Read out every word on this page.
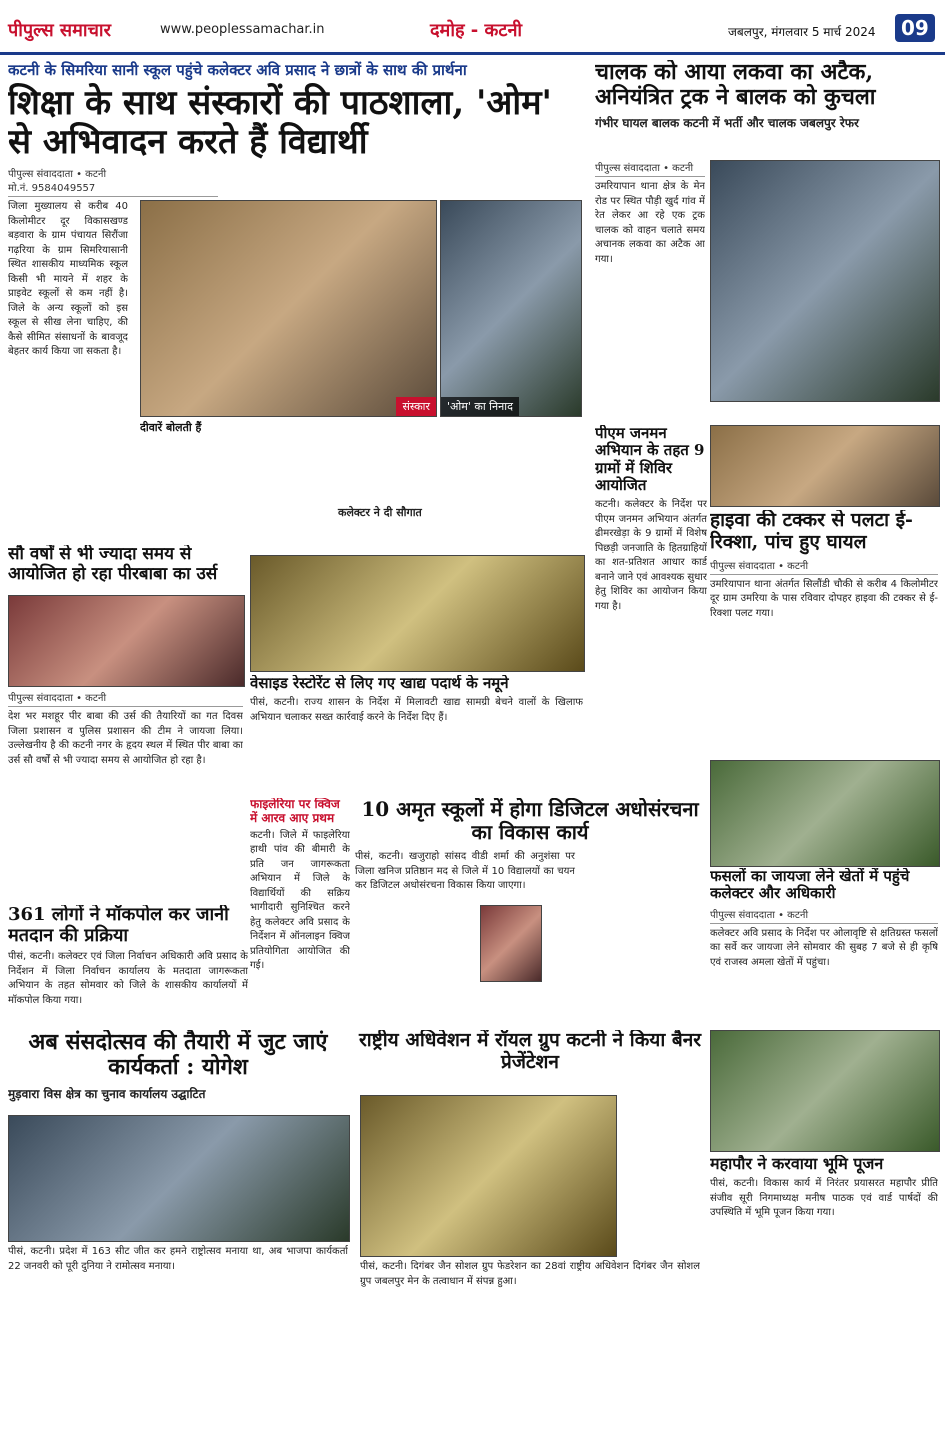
पीपुल्स समाचार	www.peoplessamachar.in	दमोह - कटनी	जबलपुर, मंगलवार 5 मार्च 2024	09
कटनी के सिमरिया सानी स्कूल पहुंचे कलेक्टर अवि प्रसाद ने छात्रों के साथ की प्रार्थना
शिक्षा के साथ संस्कारों की पाठशाला, 'ओम' से अभिवादन करते हैं विद्यार्थी
पीपुल्स संवाददाता • कटनी
मो.नं. 9584049557
जिला मुख्यालय से करीब 40 किलोमीटर दूर विकासखण्ड बड़वारा के ग्राम पंचायत सिरौंजा गढ़रिया के ग्राम सिमरियासानी स्थित शासकीय माध्यमिक स्कूल किसी भी मायने में शहर के प्राइवेट स्कूलों से कम नहीं है। जिले के अन्य स्कूलों को इस स्कूल से सीख लेना चाहिए, की कैसे सीमित संसाधनों के बावजूद बेहतर कार्य किया जा सकता है।
कलेक्टर ने दी सौगात
संस्कार	'ओम' का निनाद
दीवारें बोलती हैं
चालक को आया लकवा का अटैक, अनियंत्रित ट्रक ने बालक को कुचला
गंभीर घायल बालक कटनी में भर्ती और चालक जबलपुर रेफर
पीपुल्स संवाददाता • कटनी
उमरियापान थाना क्षेत्र के मेन रोड पर स्थित पौड़ी खुर्द गांव में रेत लेकर आ रहे एक ट्रक चालक को वाहन चलाते समय अचानक लकवा का अटैक आ गया।
पीएम जनमन अभियान के तहत 9 ग्रामों में शिविर आयोजित
कटनी। कलेक्टर के निर्देश पर पीएम जनमन अभियान अंतर्गत ढीमरखेड़ा के 9 ग्रामों में विशेष पिछड़ी जनजाति के हितग्राहियों का शत-प्रतिशत आधार कार्ड बनाने जाने एवं आवश्यक सुधार हेतु शिविर का आयोजन किया गया है।
हाइवा की टक्कर से पलटा ई-रिक्शा, पांच हुए घायल
पीपुल्स संवाददाता • कटनी
उमरियापान थाना अंतर्गत सिलौंडी चौकी से करीब 4 किलोमीटर दूर ग्राम उमरिया के पास रविवार दोपहर हाइवा की टक्कर से ई-रिक्शा पलट गया।
फसलों का जायजा लेने खेतों में पहुंचे कलेक्टर और अधिकारी
पीपुल्स संवाददाता • कटनी
कलेक्टर अवि प्रसाद के निर्देश पर ओलावृष्टि से क्षतिग्रस्त फसलों का सर्वे कर जायजा लेने सोमवार की सुबह 7 बजे से ही कृषि एवं राजस्व अमला खेतों में पहुंचा।
सौ वर्षों से भी ज्यादा समय से आयोजित हो रहा पीरबाबा का उर्स
पीपुल्स संवाददाता • कटनी
देश भर मशहूर पीर बाबा की उर्स की तैयारियों का गत दिवस जिला प्रशासन व पुलिस प्रशासन की टीम ने जायजा लिया। उल्लेखनीय है की कटनी नगर के हृदय स्थल में स्थित पीर बाबा का उर्स सौ वर्षों से भी ज्यादा समय से आयोजित हो रहा है।
वेसाइड रेस्टोरेंट से लिए गए खाद्य पदार्थ के नमूने
पीसं, कटनी। राज्य शासन के निर्देश में मिलावटी खाद्य सामग्री बेचने वालों के खिलाफ अभियान चलाकर सख्त कार्रवाई करने के निर्देश दिए हैं।
फाइलेरिया पर क्विज में आरव आए प्रथम
कटनी। जिले में फाइलेरिया हाथी पांव की बीमारी के प्रति जन जागरूकता अभियान में जिले के विद्यार्थियों की सक्रिय भागीदारी सुनिश्चित करने हेतु कलेक्टर अवि प्रसाद के निर्देशन में ऑनलाइन क्विज प्रतियोगिता आयोजित की गई।
361 लोगों ने मॉकपोल कर जानी मतदान की प्रक्रिया
पीसं, कटनी। कलेक्टर एवं जिला निर्वाचन अधिकारी अवि प्रसाद के निर्देशन में जिला निर्वाचन कार्यालय के मतदाता जागरूकता अभियान के तहत सोमवार को जिले के शासकीय कार्यालयों में मॉकपोल किया गया।
10 अमृत स्कूलों में होगा डिजिटल अधोसंरचना का विकास कार्य
पीसं, कटनी। खजुराहो सांसद वीडी शर्मा की अनुशंसा पर जिला खनिज प्रतिष्ठान मद से जिले में 10 विद्यालयों का चयन कर डिजिटल अधोसंरचना विकास किया जाएगा।
अब संसदोत्सव की तैयारी में जुट जाएं कार्यकर्ता : योगेश
मुड़वारा विस क्षेत्र का चुनाव कार्यालय उद्घाटित
पीसं, कटनी। प्रदेश में 163 सीट जीत कर हमने राष्ट्रोत्सव मनाया था, अब भाजपा कार्यकर्ता 22 जनवरी को पूरी दुनिया ने रामोत्सव मनाया।
राष्ट्रीय अधिवेशन में रॉयल ग्रुप कटनी ने किया बैनर प्रेजेंटेशन
पीसं, कटनी। दिगंबर जैन सोशल ग्रुप फेडरेशन का 28वां राष्ट्रीय अधिवेशन दिगंबर जैन सोशल ग्रुप जबलपुर मेन के तत्वाधान में संपन्न हुआ।
महापौर ने करवाया भूमि पूजन
पीसं, कटनी। विकास कार्य में निरंतर प्रयासरत महापौर प्रीति संजीव सूरी निगमाध्यक्ष मनीष पाठक एवं वार्ड पार्षदों की उपस्थिति में भूमि पूजन किया गया।
